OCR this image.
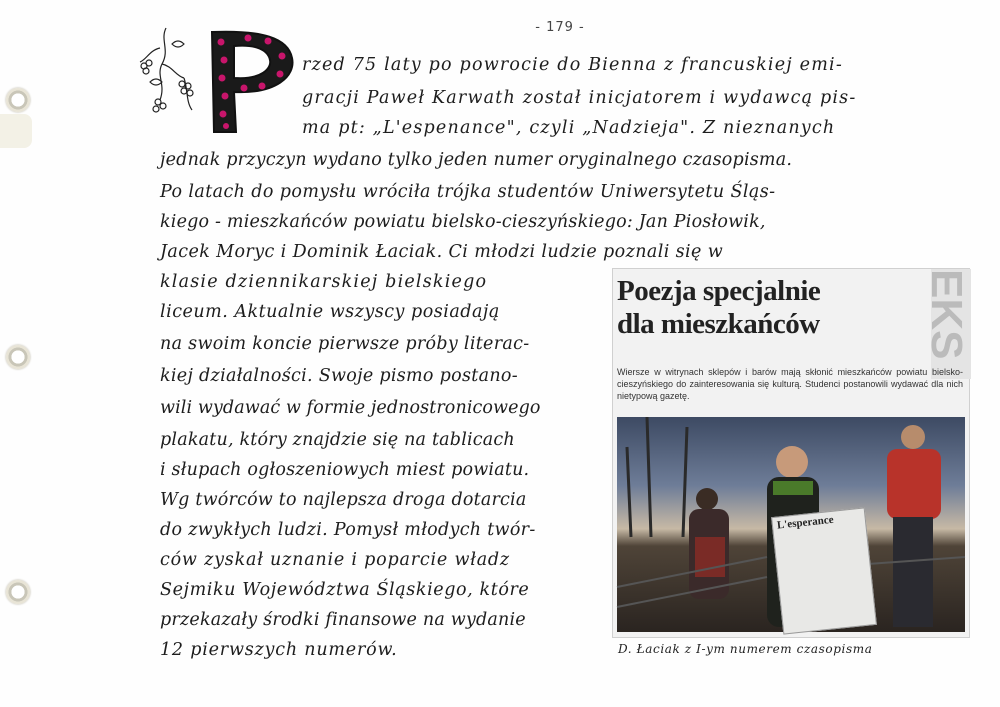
- 179 -
rzed 75 laty po powrocie do Bienna z francuskiej emi-
gracji Paweł Karwath został inicjatorem i wydawcą pis-
ma pt: „L'espenance", czyli „Nadzieja". Z nieznanych
jednak przyczyn wydano tylko jeden numer oryginalnego czasopisma.
Po latach do pomysłu wróciła trójka studentów Uniwersytetu Śląs-
kiego - mieszkańców powiatu bielsko-cieszyńskiego: Jan Piosłowik,
Jacek Moryc i Dominik Łaciak. Ci młodzi ludzie poznali się w
klasie dziennikarskiej bielskiego
liceum. Aktualnie wszyscy posiadają
na swoim koncie pierwsze próby literac-
kiej działalności. Swoje pismo postano-
wili wydawać w formie jednostronicowego
plakatu, który znajdzie się na tablicach
i słupach ogłoszeniowych miest powiatu.
Wg twórców to najlepsza droga dotarcia
do zwykłych ludzi. Pomysł młodych twór-
ców zyskał uznanie i poparcie władz
Sejmiku Województwa Śląskiego, które
przekazały środki finansowe na wydanie
12 pierwszych numerów.
EKS
Poezja specjalnie
dla mieszkańców
Wiersze w witrynach sklepów i barów mają skłonić mieszkańców powiatu bielsko-cieszyńskiego do zainteresowania się kulturą. Studenci postanowili wydawać dla nich nietypową gazetę.
L'esperance
D. Łaciak z I-ym numerem czasopisma
